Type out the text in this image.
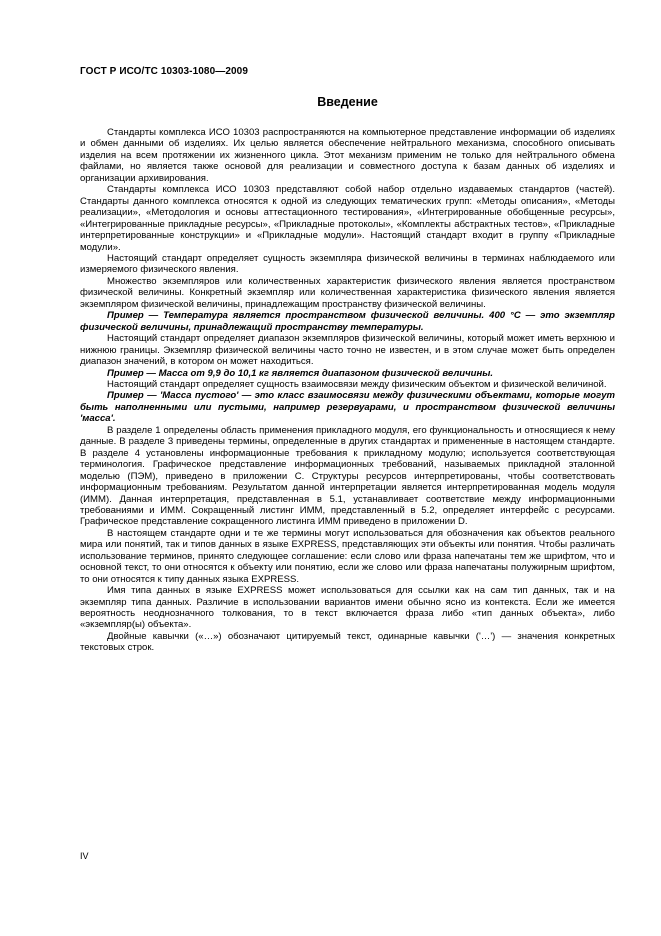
ГОСТ Р ИСО/ТС 10303-1080—2009
Введение

Стандарты комплекса ИСО 10303 распространяются на компьютерное представление информации об изделиях и обмен данными об изделиях. Их целью является обеспечение нейтрального механизма, способного описывать изделия на всем протяжении их жизненного цикла. Этот механизм применим не только для нейтрального обмена файлами, но является также основой для реализации и совместного доступа к базам данных об изделиях и организации архивирования.

Стандарты комплекса ИСО 10303 представляют собой набор отдельно издаваемых стандартов (частей). Стандарты данного комплекса относятся к одной из следующих тематических групп: «Методы описания», «Методы реализации», «Методология и основы аттестационного тестирования», «Интегрированные обобщенные ресурсы», «Интегрированные прикладные ресурсы», «Прикладные протоколы», «Комплекты абстрактных тестов», «Прикладные интерпретированные конструкции» и «Прикладные модули». Настоящий стандарт входит в группу «Прикладные модули».

Настоящий стандарт определяет сущность экземпляра физической величины в терминах наблюдаемого или измеряемого физического явления.

Множество экземпляров или количественных характеристик физического явления является пространством физической величины. Конкретный экземпляр или количественная характеристика физического явления является экземпляром физической величины, принадлежащим пространству физической величины.

Пример — Температура является пространством физической величины. 400 °С — это экземпляр физической величины, принадлежащий пространству температуры.

Настоящий стандарт определяет диапазон экземпляров физической величины, который может иметь верхнюю и нижнюю границы. Экземпляр физической величины часто точно не известен, и в этом случае может быть определен диапазон значений, в котором он может находиться.

Пример — Масса от 9,9 до 10,1 кг является диапазоном физической величины.

Настоящий стандарт определяет сущность взаимосвязи между физическим объектом и физической величиной.

Пример — 'Масса пустого' — это класс взаимосвязи между физическими объектами, которые могут быть наполненными или пустыми, например резервуарами, и пространством физической величины 'масса'.

В разделе 1 определены область применения прикладного модуля, его функциональность и относящиеся к нему данные. В разделе 3 приведены термины, определенные в других стандартах и примененные в настоящем стандарте. В разделе 4 установлены информационные требования к прикладному модулю; используется соответствующая терминология. Графическое представление информационных требований, называемых прикладной эталонной моделью (ПЭМ), приведено в приложении С. Структуры ресурсов интерпретированы, чтобы соответствовать информационным требованиям. Результатом данной интерпретации является интерпретированная модель модуля (ИММ). Данная интерпретация, представленная в 5.1, устанавливает соответствие между информационными требованиями и ИММ. Сокращенный листинг ИММ, представленный в 5.2, определяет интерфейс с ресурсами. Графическое представление сокращенного листинга ИММ приведено в приложении D.

В настоящем стандарте одни и те же термины могут использоваться для обозначения как объектов реального мира или понятий, так и типов данных в языке EXPRESS, представляющих эти объекты или понятия. Чтобы различать использование терминов, принято следующее соглашение: если слово или фраза напечатаны тем же шрифтом, что и основной текст, то они относятся к объекту или понятию, если же слово или фраза напечатаны полужирным шрифтом, то они относятся к типу данных языка EXPRESS.

Имя типа данных в языке EXPRESS может использоваться для ссылки как на сам тип данных, так и на экземпляр типа данных. Различие в использовании вариантов имени обычно ясно из контекста. Если же имеется вероятность неоднозначного толкования, то в текст включается фраза либо «тип данных объекта», либо «экземпляр(ы) объекта».

Двойные кавычки («…») обозначают цитируемый текст, одинарные кавычки ('…') — значения конкретных текстовых строк.

IV
